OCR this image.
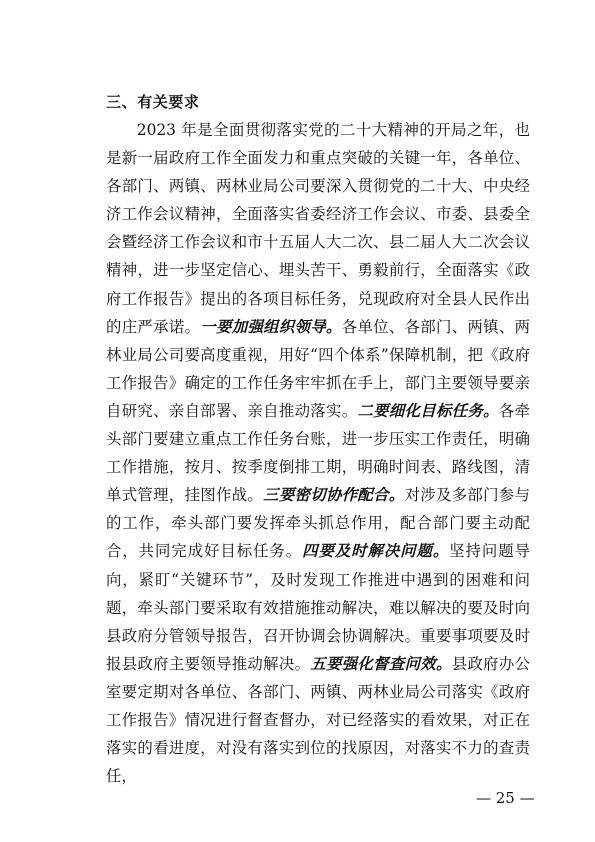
三、有关要求

2023 年是全面贯彻落实党的二十大精神的开局之年，也是新一届政府工作全面发力和重点突破的关键一年，各单位、各部门、两镇、两林业局公司要深入贯彻党的二十大、中央经济工作会议精神，全面落实省委经济工作会议、市委、县委全会暨经济工作会议和市十五届人大二次、县二届人大二次会议精神，进一步坚定信心、埋头苦干、勇毅前行，全面落实《政府工作报告》提出的各项目标任务，兑现政府对全县人民作出的庄严承诺。一要加强组织领导。各单位、各部门、两镇、两林业局公司要高度重视，用好“四个体系”保障机制，把《政府工作报告》确定的工作任务牢牢抓在手上，部门主要领导要亲自研究、亲自部署、亲自推动落实。二要细化目标任务。各牵头部门要建立重点工作任务台账，进一步压实工作责任，明确工作措施，按月、按季度倒排工期，明确时间表、路线图，清单式管理，挂图作战。三要密切协作配合。对涉及多部门参与的工作，牵头部门要发挥牵头抓总作用，配合部门要主动配合，共同完成好目标任务。四要及时解决问题。坚持问题导向，紧盯“关键环节”，及时发现工作推进中遇到的困难和问题，牵头部门要采取有效措施推动解决，难以解决的要及时向县政府分管领导报告，召开协调会协调解决。重要事项要及时报县政府主要领导推动解决。五要强化督查问效。县政府办公室要定期对各单位、各部门、两镇、两林业局公司落实《政府工作报告》情况进行督查督办，对已经落实的看效果，对正在落实的看进度，对没有落实到位的找原因，对落实不力的查责任，

— 25 —
